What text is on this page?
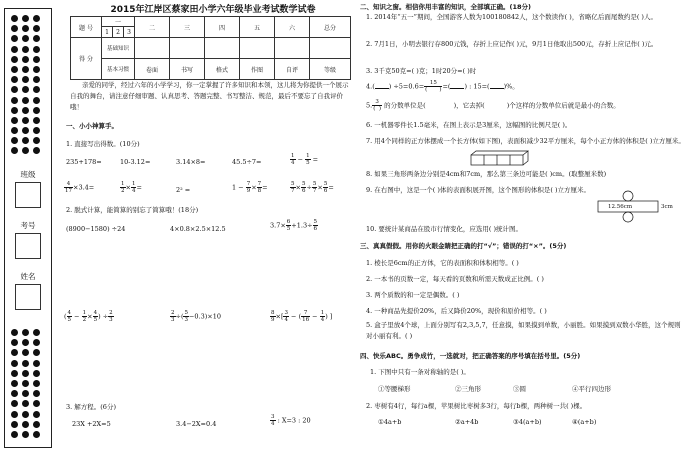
班级
考号
姓名
2015年江岸区蔡家田小学六年级毕业考试数学试卷
题 号	一			二	三	四	五	六	总分
	1	2	3						
得 分	基础知识								
	基本习惯			卷面	书写	格式	作图	自评	等级
亲爱的同学，经过六年的小学学习，你一定掌握了许多知识和本领，这儿将为你提供一个展示自我的舞台，请注意仔细审题、认真思考、答题完整、书写整洁、规范，最后不要忘了自我评价哦！
一、小小神算手。
1. 直接写出得数。(10分)
235+178=	10-3.12=	3.14×8=	45.5÷7=	$\frac{1}{4} - \frac{1}{5}$ =
$\frac{4}{17} \times 3.4=$	$\frac{1}{2} \times \frac{1}{4}$ =	2² =	$1 - \frac{7}{9} \times \frac{7}{8}$ =	$\frac{5}{7} \times \frac{5}{6} \div \frac{5}{7} \times \frac{5}{6}$ =
2. 脱式计算，能简算的别忘了简算哦！(18分)
(8900−1580) ÷24	4×0.8×2.5×12.5	$3.7\times \frac{6}{5} +1.3\div \frac{5}{6}$
( $\frac{4}{5} - \frac{1}{2} \times \frac{4}{5}$ ) ÷ $\frac{2}{3}$	$\frac{2}{3}$ ÷( $\frac{5}{3} -0.3)\times 10$	$\frac{8}{9}$ ×[ $\frac{3}{4}$ − ( $\frac{7}{16} - \frac{1}{4}$ ) ]
3. 解方程。(6分)
23X +2X=5	3.4−2X=0.4	$\frac{3}{4}$ : X=3 : 20
二、知识之窗。相信你用丰富的知识，全部填正确。(18分)
1. 2014年“五一”期间，全国游客人数为100180842人，这个数读作( )，省略亿后面尾数约是( )人。
2. 7月1日，小明去银行存800元钱，存折上应记作( )元，9月1日他取出500元，存折上应记作( )元。
3. 3千克50克=( )克；1时20分=( )时
4.( ) $\div 5=0.6= \frac{15}{( )}$ =( ) : 15=( )%。
5. $\frac{3}{( )}$ 的分数单位是(	)，它去掉(	)个这样的分数单位后就是最小的合数。
6. 一机器零件长1.5毫米，在图上表示是3厘米，这幅图的比例尺是( )。
7. 用4个同样的正方体摆成一个长方体(如下图)，表面积减少32平方厘米，每个小正方体的体积是( )立方厘米。
8. 如果三角形两条边分别是4cm和7cm，那么第三条边可能是( )cm。(取整厘米数)
9. 在右图中，这是一个( )体的表面积展开图，这个图形的体积是( )立方厘米。
12.56cm	3cm
10. 要统计某商品在股市行情变化，应选用( )统计图。
三、真真假假。用你的火眼金睛把正确的打“√”；错误的打“×”。(5分)
1. 棱长是6cm的正方体，它的表面积和体积相等。( )
2. 一本书的页数一定，每天看的页数和所需天数成正比例。( )
3. 两个质数的和一定是偶数。( )
4. 一种商品先提价20%，后又降价20%，现价和原价相等。( )
5. 盒子里放4个球，上面分别写有2,3,5,7，任意摸，如果摸到单数，小丽胜。如果摸到双数小华胜，这个规则对小丽有利。( )
四、快乐ABC。勇争成竹，一选就对，把正确答案的序号填在括号里。(5分)
1. 下图中只有一条对称轴的是( )。
①等腰梯形	②三角形	③圆	④平行四边形
2. 枣树有4行，每行a棵，苹果树比枣树多3行，每行b棵，两种树一共( )棵。
①4a+b	②a+4b	③4(a+b)	④(a+b)
